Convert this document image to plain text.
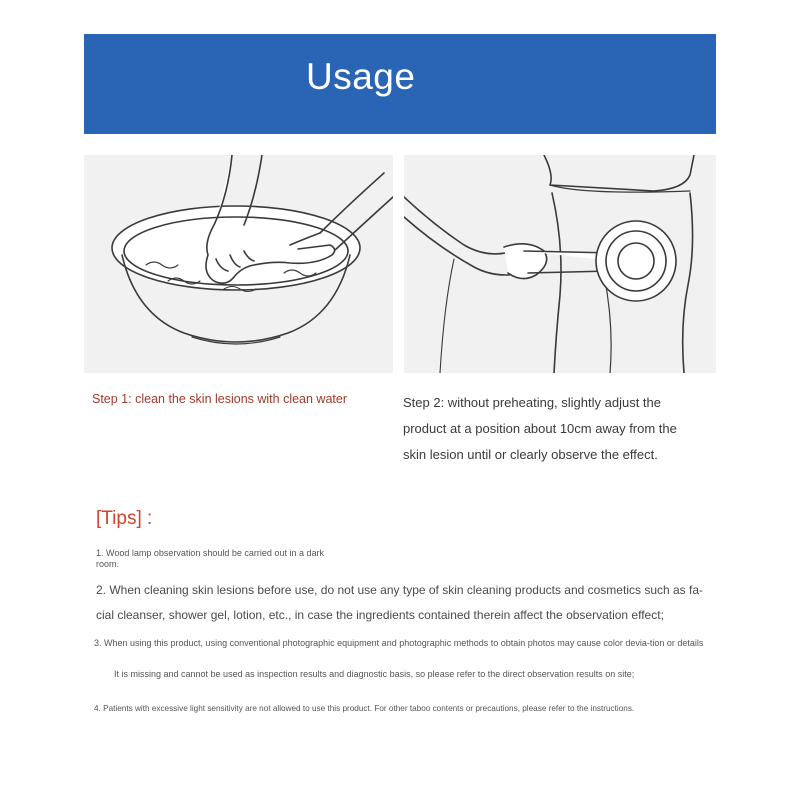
Usage
Step 1: clean the skin lesions with clean water	Step 2: without preheating, slightly adjust the product at a position about 10cm away from the skin lesion until or clearly observe the effect.
[Tips] :
1. Wood lamp observation should be carried out in a dark room.
2. When cleaning skin lesions before use, do not use any type of skin cleaning products and cosmetics such as fa-cial cleanser, shower gel, lotion, etc., in case the ingredients contained therein affect the observation effect;
3. When using this product, using conventional photographic equipment and photographic methods to obtain photos may cause color devia-tion or details
It is missing and cannot be used as inspection results and diagnostic basis, so please refer to the direct observation results on site;
4. Patients with excessive light sensitivity are not allowed to use this product. For other taboo contents or precautions, please refer to the instructions.
